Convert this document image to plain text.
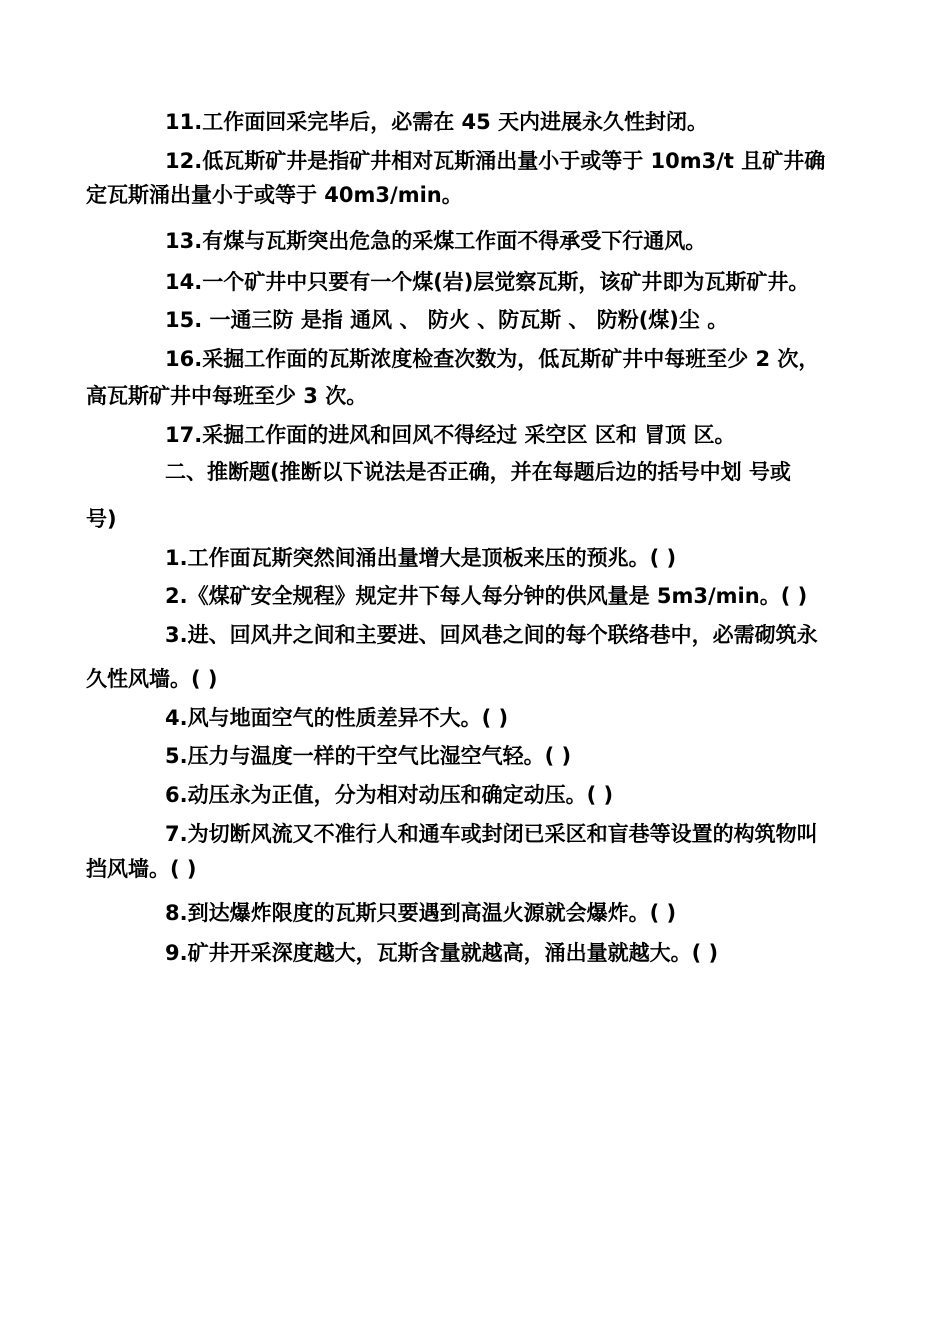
11.工作面回采完毕后，必需在 45 天内进展永久性封闭。
12.低瓦斯矿井是指矿井相对瓦斯涌出量小于或等于 10m3/t 且矿井确
定瓦斯涌出量小于或等于 40m3/min。
13.有煤与瓦斯突出危急的采煤工作面不得承受下行通风。
14.一个矿井中只要有一个煤(岩)层觉察瓦斯，该矿井即为瓦斯矿井。
15. 一通三防 是指 通风 、 防火 、防瓦斯 、 防粉(煤)尘 。
16.采掘工作面的瓦斯浓度检查次数为，低瓦斯矿井中每班至少 2 次，
高瓦斯矿井中每班至少 3 次。
17.采掘工作面的进风和回风不得经过 采空区 区和 冒顶 区。
二、推断题(推断以下说法是否正确，并在每题后边的括号中划 号或
号)
1.工作面瓦斯突然间涌出量增大是顶板来压的预兆。( )
2.《煤矿安全规程》规定井下每人每分钟的供风量是 5m3/min。( )
3.进、回风井之间和主要进、回风巷之间的每个联络巷中，必需砌筑永
久性风墙。( )
4.风与地面空气的性质差异不大。( )
5.压力与温度一样的干空气比湿空气轻。( )
6.动压永为正值，分为相对动压和确定动压。( )
7.为切断风流又不准行人和通车或封闭已采区和盲巷等设置的构筑物叫
挡风墙。( )
8.到达爆炸限度的瓦斯只要遇到高温火源就会爆炸。( )
9.矿井开采深度越大，瓦斯含量就越高，涌出量就越大。( )
